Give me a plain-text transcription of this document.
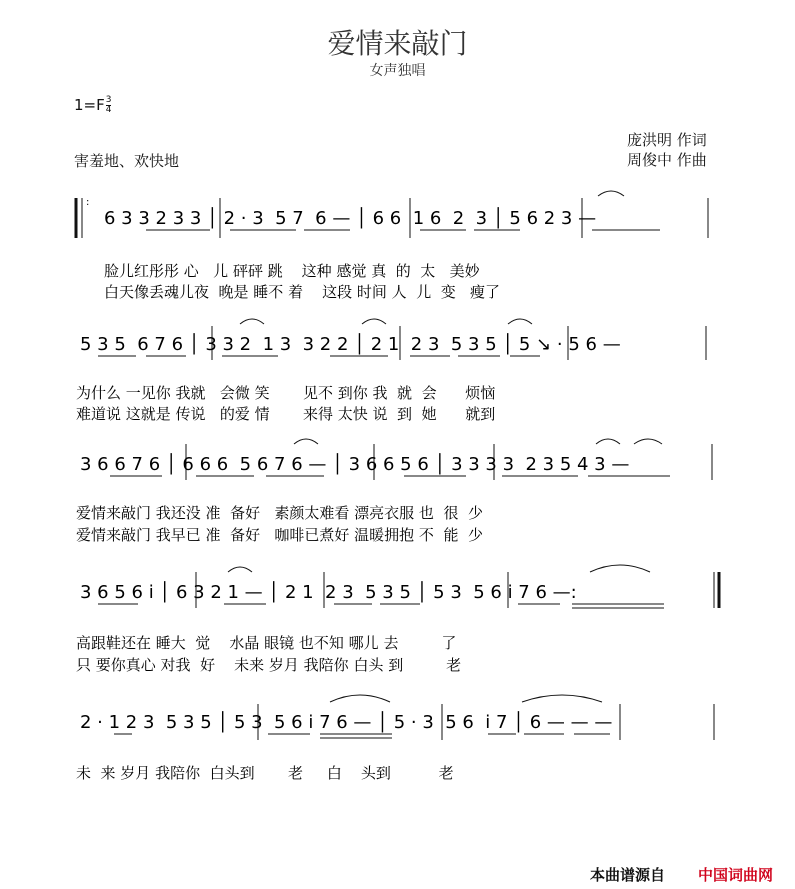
爱情来敲门
女声独唱
$1=F \frac{3}{4}$
害羞地、欢快地
庞洪明 作词
周俊中 作曲
:
6 3 3 2 3 3 │ 2 · 3  5 7  6 — │ 6 6  1 6  2  3 │ 5 6 2 3 —
脸儿红彤彤 心   儿 砰砰 跳    这种 感觉 真  的  太   美妙
白天像丢魂儿夜  晚是 睡不 着    这段 时间 人  儿  变   瘦了
5 3 5  6 7 6 │ 3 3 2  1 3  3 2 2 │ 2 1  2 3  5 3 5 │ 5 ↘ · 5 6 —
为什么 一见你 我就   会微 笑       见不 到你 我  就  会      烦恼
难道说 这就是 传说   的爱 情       来得 太快 说  到  她      就到
3 6 6 7 6 │ 6 6 6  5 6 7 6 — │ 3 6 6 5 6 │ 3 3 3 3  2 3 5 4 3 —
爱情来敲门 我还没 准  备好   素颜太难看 漂亮衣服 也  很  少
爱情来敲门 我早已 准  备好   咖啡已煮好 温暖拥抱 不  能  少
3 6 5 6 i │ 6 3 2 1 — │ 2 1  2 3  5 3 5 │ 5 3  5 6 i 7 6 —:
高跟鞋还在 睡大  觉    水晶 眼镜 也不知 哪儿 去         了
只 要你真心 对我  好    未来 岁月 我陪你 白头 到         老
2 · 1 2 3  5 3 5 │ 5 3  5 6 i 7 6 — │ 5 · 3  5 6  i 7 │ 6 — — —
未  来 岁月 我陪你  白头到       老     白    头到          老
本曲谱源自 中国词曲网
